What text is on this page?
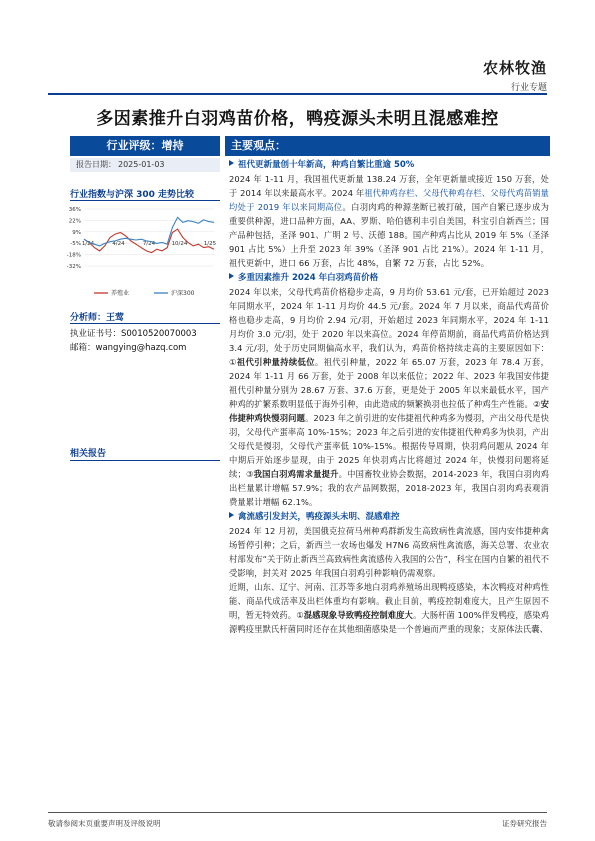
农林牧渔
行业专题
多因素推升白羽鸡苗价格，鸭疫源头未明且混感难控
行业评级：增持
报告日期： 2025-01-03
行业指数与沪深 300 走势比较
36%
22%
9%
-5%
-18%
-32%
1/24	4/24	7/24	10/24	1/25
养殖业	沪深300
分析师：王莺
执业证书号：S0010520070003
邮箱：wangying@hazq.com
相关报告
主要观点：
祖代更新量创十年新高，种鸡自繁比重逾 50%
2024 年 1-11 月，我国祖代更新量 138.24 万套，全年更新量或接近 150 万套，处于 2014 年以来最高水平。2024 年祖代种鸡存栏、父母代种鸡存栏、父母代鸡苗销量均处于 2019 年以来同期高位。白羽肉鸡的种源垄断已被打破，国产自繁已逐步成为重要供种源，进口品种方面，AA、罗斯、哈伯德利丰引自美国，科宝引自新西兰；国产品种包括，圣泽 901、广明 2 号、沃德 188。国产种鸡占比从 2019 年 5%（圣泽 901 占比 5%）上升至 2023 年 39%（圣泽 901 占比 21%）。2024 年 1-11 月，祖代更新中，进口 66 万套，占比 48%，自繁 72 万套，占比 52%。
多重因素推升 2024 年白羽鸡苗价格
2024 年以来，父母代鸡苗价格稳步走高，9 月均价 53.61 元/套，已开始超过 2023 年同期水平，2024 年 1-11 月均价 44.5 元/套。2024 年 7 月以来，商品代鸡苗价格也稳步走高，9 月均价 2.94 元/羽，开始超过 2023 年同期水平，2024 年 1-11 月均价 3.0 元/羽，处于 2020 年以来高位。2024 年停苗期前，商品代鸡苗价格达到 3.4 元/羽，处于历史同期偏高水平，我们认为，鸡苗价格持续走高的主要原因如下：①祖代引种量持续低位。祖代引种量，2022 年 65.07 万套，2023 年 78.4 万套，2024 年 1-11 月 66 万套，处于 2008 年以来低位；2022 年、2023 年我国安伟捷祖代引种量分别为 28.67 万套、37.6 万套，更是处于 2005 年以来最低水平，国产种鸡的扩繁系数明显低于海外引种，由此造成的频繁换羽也拉低了种鸡生产性能。②安伟捷种鸡快慢羽问题。2023 年之前引进的安伟捷祖代种鸡多为慢羽，产出父母代是快羽，父母代产蛋率高 10%-15%；2023 年之后引进的安伟捷祖代种鸡多为快羽，产出父母代是慢羽，父母代产蛋率低 10%-15%。根据传导周期，快羽鸡问题从 2024 年中期后开始逐步显现，由于 2025 年快羽鸡占比将超过 2024 年，快慢羽问题将延续；③我国白羽鸡需求量提升。中国畜牧业协会数据，2014-2023 年，我国白羽肉鸡出栏量累计增幅 57.9%；我的农产品网数据，2018-2023 年，我国白羽肉鸡表观消费量累计增幅 62.1%。
禽流感引发封关，鸭疫源头未明、混感难控
2024 年 12 月初，美国俄克拉荷马州种鸡群新发生高致病性禽流感，国内安伟捷种禽场暂停引种；之后，新西兰一农场也爆发 H7N6 高致病性禽流感，海关总署、农业农村部发布“关于防止新西兰高致病性禽流感传入我国的公告”，科宝在国内自繁的祖代不受影响，封关对 2025 年我国白羽鸡引种影响仍需观察。
近期，山东、辽宁、河南、江苏等多地白羽鸡养殖场出现鸭疫感染，本次鸭疫对种鸡性能、商品代成活率及出栏体重均有影响。截止目前，鸭疫控制难度大，且产生原因不明，暂无特效药。①混感现象导致鸭疫控制难度大。大肠杆菌 100%伴发鸭疫，感染鸡源鸭疫里默氏杆菌同时还存在其他细菌感染是一个普遍而严重的现象；支原体法氏囊、
敬请参阅末页重要声明及评级说明	证券研究报告
